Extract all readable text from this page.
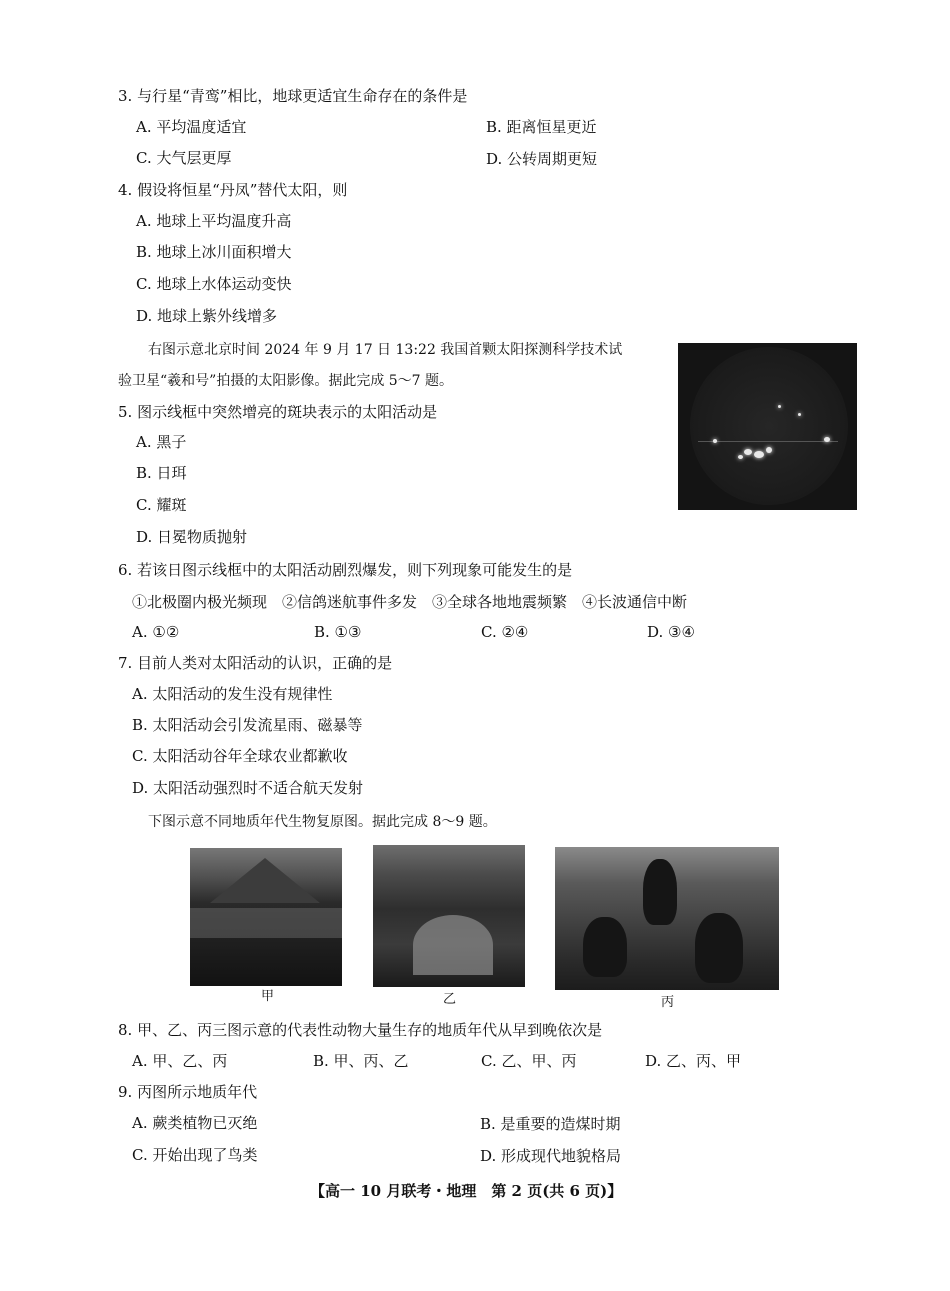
3. 与行星“青鸾”相比，地球更适宜生命存在的条件是
A. 平均温度适宜	B. 距离恒星更近
C. 大气层更厚	D. 公转周期更短
4. 假设将恒星“丹凤”替代太阳，则
A. 地球上平均温度升高
B. 地球上冰川面积增大
C. 地球上水体运动变快
D. 地球上紫外线增多
右图示意北京时间 2024 年 9 月 17 日 13:22 我国首颗太阳探测科学技术试
验卫星“羲和号”拍摄的太阳影像。据此完成 5～7 题。
5. 图示线框中突然增亮的斑块表示的太阳活动是
A. 黑子
B. 日珥
C. 耀斑
D. 日冕物质抛射
6. 若该日图示线框中的太阳活动剧烈爆发，则下列现象可能发生的是
①北极圈内极光频现　②信鸽迷航事件多发　③全球各地地震频繁　④长波通信中断
A. ①②	B. ①③	C. ②④	D. ③④
7. 目前人类对太阳活动的认识，正确的是
A. 太阳活动的发生没有规律性
B. 太阳活动会引发流星雨、磁暴等
C. 太阳活动谷年全球农业都歉收
D. 太阳活动强烈时不适合航天发射
下图示意不同地质年代生物复原图。据此完成 8～9 题。
甲	乙	丙
8. 甲、乙、丙三图示意的代表性动物大量生存的地质年代从早到晚依次是
A. 甲、乙、丙	B. 甲、丙、乙	C. 乙、甲、丙	D. 乙、丙、甲
9. 丙图所示地质年代
A. 蕨类植物已灭绝	B. 是重要的造煤时期
C. 开始出现了鸟类	D. 形成现代地貌格局
【高一 10 月联考・地理　第 2 页(共 6 页)】
